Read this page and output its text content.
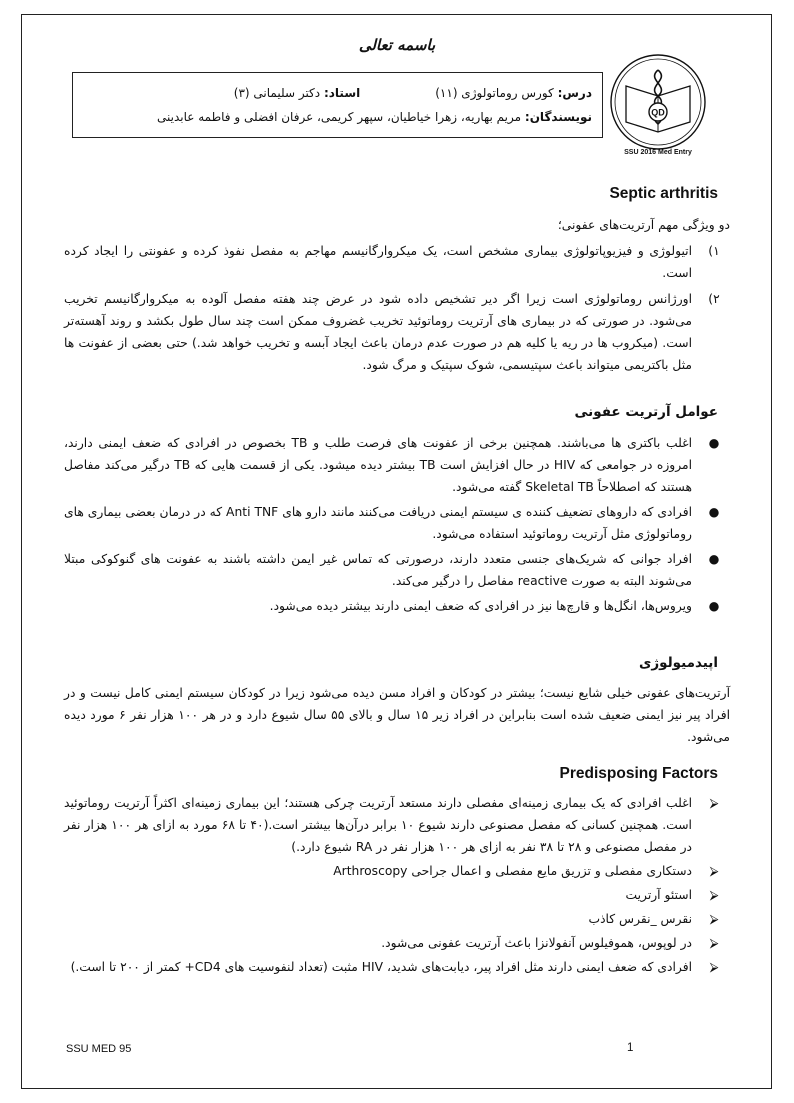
باسمه تعالی
QD
SSU 2016 Med Entry
درس:

کورس روماتولوژی (۱۱)
استاد:

دکتر سلیمانی (۳)
نویسندگان:

مریم بهاریه، زهرا خیاطیان، سپهر کریمی، عرفان افضلی و فاطمه عابدینی
Septic arthritis

دو ویژگی مهم آرتریت‌های عفونی؛

۱)
اتیولوژی و فیزیوپاتولوژی بیماری مشخص است، یک میکروارگانیسم مهاجم به مفصل نفوذ کرده و عفونتی را ایجاد کرده است.

۲)
اورژانس روماتولوژی است زیرا اگر دیر تشخیص داده شود در عرض چند هفته مفصل آلوده به میکروارگانیسم تخریب می‌شود. در صورتی که در بیماری های آرتریت روماتوئید تخریب غضروف ممکن است چند سال طول بکشد و روند آهسته‌تر است. (میکروب ها در ریه یا کلیه هم در صورت عدم درمان باعث ایجاد آبسه و تخریب خواهد شد.) حتی بعضی از عفونت ها مثل باکتریمی میتواند باعث سپتیسمی، شوک سپتیک و مرگ شود.

عوامل آرتریت عفونی

●
اغلب باکتری ها می‌باشند. همچنین برخی از عفونت های فرصت طلب و TB بخصوص در افرادی که ضعف ایمنی دارند، امروزه در جوامعی که HIV در حال افزایش است TB بیشتر دیده میشود. یکی از قسمت هایی که TB درگیر می‌کند مفاصل هستند که اصطلاحاً Skeletal TB گفته می‌شود.

●
افرادی که داروهای تضعیف کننده ی سیستم ایمنی دریافت می‌کنند مانند دارو های Anti TNF که در درمان بعضی بیماری های روماتولوژی مثل آرتریت روماتوئید استفاده می‌شود.

●
افراد جوانی که شریک‌های جنسی متعدد دارند، درصورتی که تماس غیر ایمن داشته باشند به عفونت های گنوکوکی مبتلا می‌شوند البته به صورت reactive مفاصل را درگیر می‌کند.

●
ویروس‌ها، انگل‌ها و قارچ‌ها نیز در افرادی که ضعف ایمنی دارند بیشتر دیده می‌شود.

اپیدمیولوژی

آرتریت‌های عفونی خیلی شایع نیست؛ بیشتر در کودکان و افراد مسن دیده می‌شود زیرا در کودکان سیستم ایمنی کامل نیست و در افراد پیر نیز ایمنی ضعیف شده است بنابراین در افراد زیر ۱۵ سال و بالای ۵۵ سال شیوع دارد و در هر ۱۰۰ هزار نفر ۶ مورد دیده می‌شود.

Predisposing Factors

⮚
اغلب افرادی که یک بیماری زمینه‌ای مفصلی دارند مستعد آرتریت چرکی هستند؛ این بیماری زمینه‌ای اکثراً آرتریت روماتوئید است. همچنین کسانی که مفصل مصنوعی دارند شیوع ۱۰ برابر درآن‌ها بیشتر است.(۴۰ تا ۶۸ مورد به ازای هر ۱۰۰ هزار نفر در مفصل مصنوعی و ۲۸ تا ۳۸ نفر به ازای هر ۱۰۰ هزار نفر در RA شیوع دارد.)

⮚
دستکاری مفصلی و تزریق مایع مفصلی و اعمال جراحی Arthroscopy

⮚
استئو آرتریت

⮚
نقرس _نقرس کاذب

⮚
در لوپوس، هموفیلوس آنفولانزا باعث آرتریت عفونی می‌شود.

⮚
افرادی که ضعف ایمنی دارند مثل افراد پیر، دیابت‌های شدید، HIV مثبت (تعداد لنفوسیت های CD4+ کمتر از ۲۰۰ تا است.)

SSU MED 95	1
